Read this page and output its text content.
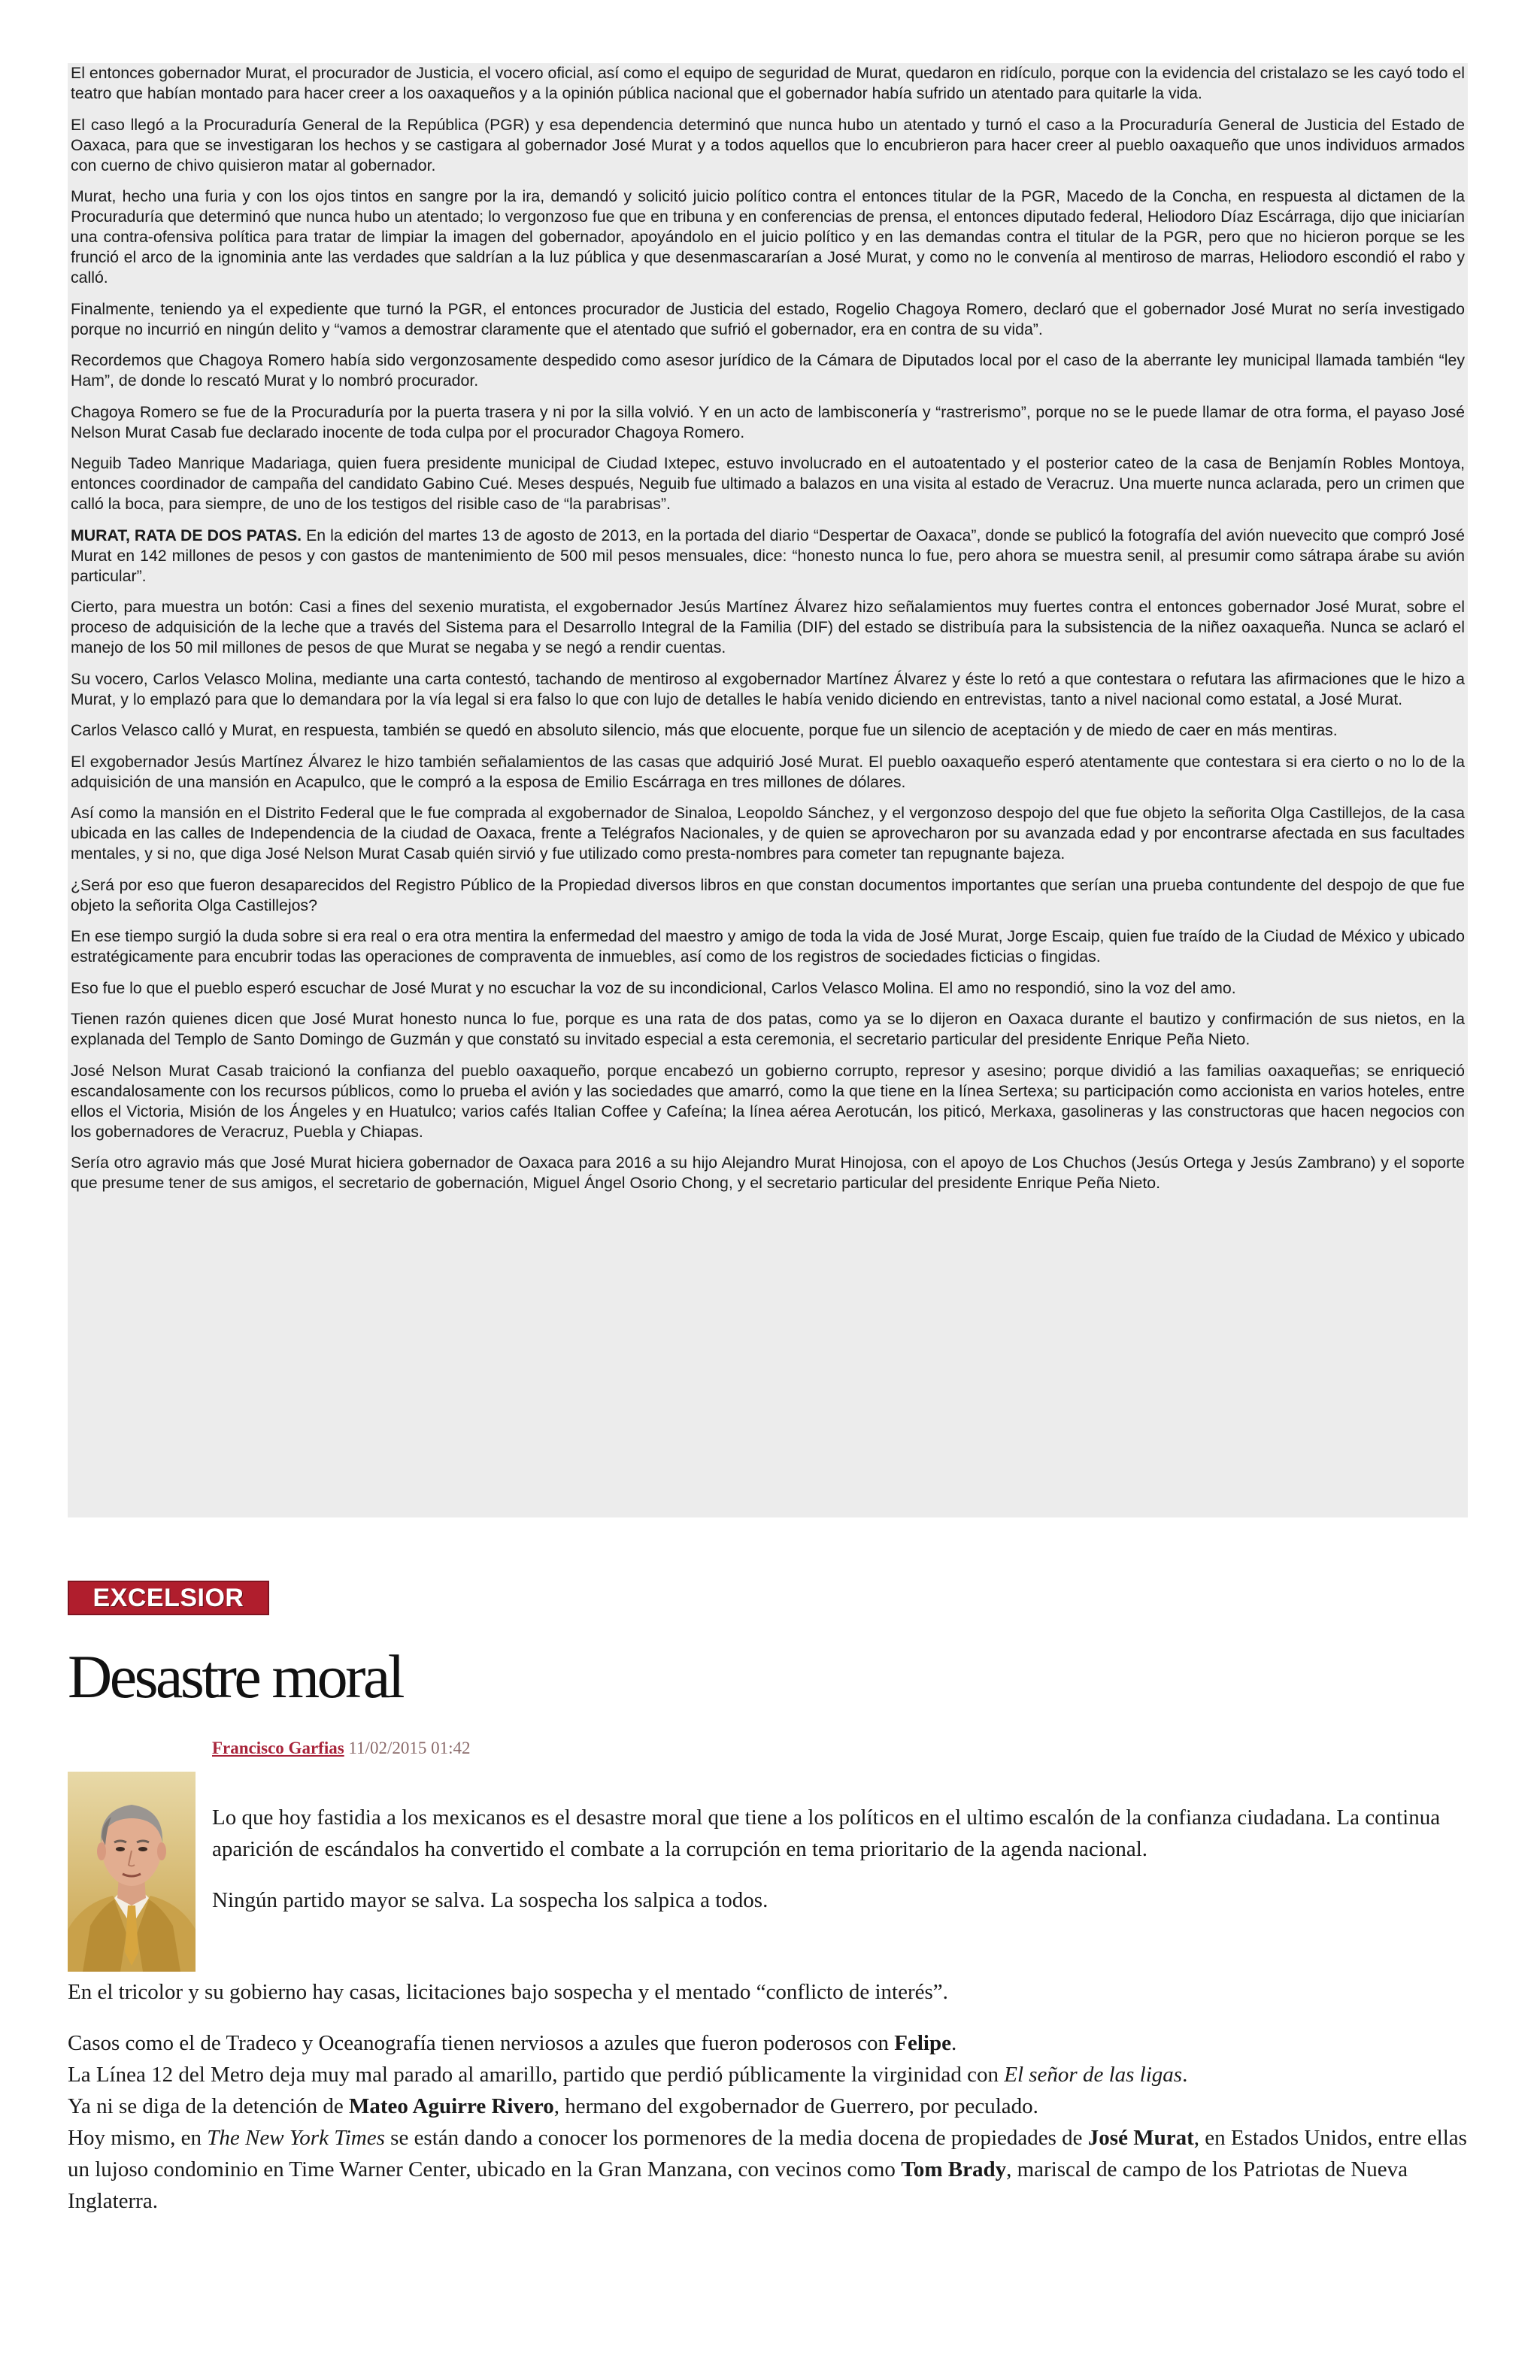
El entonces gobernador Murat, el procurador de Justicia, el vocero oficial, así como el equipo de seguridad de Murat, quedaron en ridículo, porque con la evidencia del cristalazo se les cayó todo el teatro que habían montado para hacer creer a los oaxaqueños y a la opinión pública nacional que el gobernador había sufrido un atentado para quitarle la vida.

El caso llegó a la Procuraduría General de la República (PGR) y esa dependencia determinó que nunca hubo un atentado y turnó el caso a la Procuraduría General de Justicia del Estado de Oaxaca, para que se investigaran los hechos y se castigara al gobernador José Murat y a todos aquellos que lo encubrieron para hacer creer al pueblo oaxaqueño que unos individuos armados con cuerno de chivo quisieron matar al gobernador.

Murat, hecho una furia y con los ojos tintos en sangre por la ira, demandó y solicitó juicio político contra el entonces titular de la PGR, Macedo de la Concha, en respuesta al dictamen de la Procuraduría que determinó que nunca hubo un atentado; lo vergonzoso fue que en tribuna y en conferencias de prensa, el entonces diputado federal, Heliodoro Díaz Escárraga, dijo que iniciarían una contra-ofensiva política para tratar de limpiar la imagen del gobernador, apoyándolo en el juicio político y en las demandas contra el titular de la PGR, pero que no hicieron porque se les frunció el arco de la ignominia ante las verdades que saldrían a la luz pública y que desenmascararían a José Murat, y como no le convenía al mentiroso de marras, Heliodoro escondió el rabo y calló.

Finalmente, teniendo ya el expediente que turnó la PGR, el entonces procurador de Justicia del estado, Rogelio Chagoya Romero, declaró que el gobernador José Murat no sería investigado porque no incurrió en ningún delito y “vamos a demostrar claramente que el atentado que sufrió el gobernador, era en contra de su vida”.

Recordemos que Chagoya Romero había sido vergonzosamente despedido como asesor jurídico de la Cámara de Diputados local por el caso de la aberrante ley municipal llamada también “ley Ham”, de donde lo rescató Murat y lo nombró procurador.

Chagoya Romero se fue de la Procuraduría por la puerta trasera y ni por la silla volvió. Y en un acto de lambisconería y “rastrerismo”, porque no se le puede llamar de otra forma, el payaso José Nelson Murat Casab fue declarado inocente de toda culpa por el procurador Chagoya Romero.

Neguib Tadeo Manrique Madariaga, quien fuera presidente municipal de Ciudad Ixtepec, estuvo involucrado en el autoatentado y el posterior cateo de la casa de Benjamín Robles Montoya, entonces coordinador de campaña del candidato Gabino Cué. Meses después, Neguib fue ultimado a balazos en una visita al estado de Veracruz. Una muerte nunca aclarada, pero un crimen que calló la boca, para siempre, de uno de los testigos del risible caso de “la parabrisas”.

MURAT, RATA DE DOS PATAS. En la edición del martes 13 de agosto de 2013, en la portada del diario “Despertar de Oaxaca”, donde se publicó la fotografía del avión nuevecito que compró José Murat en 142 millones de pesos y con gastos de mantenimiento de 500 mil pesos mensuales, dice: “honesto nunca lo fue, pero ahora se muestra senil, al presumir como sátrapa árabe su avión particular”.

Cierto, para muestra un botón: Casi a fines del sexenio muratista, el exgobernador Jesús Martínez Álvarez hizo señalamientos muy fuertes contra el entonces gobernador José Murat, sobre el proceso de adquisición de la leche que a través del Sistema para el Desarrollo Integral de la Familia (DIF) del estado se distribuía para la subsistencia de la niñez oaxaqueña. Nunca se aclaró el manejo de los 50 mil millones de pesos de que Murat se negaba y se negó a rendir cuentas.

Su vocero, Carlos Velasco Molina, mediante una carta contestó, tachando de mentiroso al exgobernador Martínez Álvarez y éste lo retó a que contestara o refutara las afirmaciones que le hizo a Murat, y lo emplazó para que lo demandara por la vía legal si era falso lo que con lujo de detalles le había venido diciendo en entrevistas, tanto a nivel nacional como estatal, a José Murat.

Carlos Velasco calló y Murat, en respuesta, también se quedó en absoluto silencio, más que elocuente, porque fue un silencio de aceptación y de miedo de caer en más mentiras.

El exgobernador Jesús Martínez Álvarez le hizo también señalamientos de las casas que adquirió José Murat. El pueblo oaxaqueño esperó atentamente que contestara si era cierto o no lo de la adquisición de una mansión en Acapulco, que le compró a la esposa de Emilio Escárraga en tres millones de dólares.

Así como la mansión en el Distrito Federal que le fue comprada al exgobernador de Sinaloa, Leopoldo Sánchez, y el vergonzoso despojo del que fue objeto la señorita Olga Castillejos, de la casa ubicada en las calles de Independencia de la ciudad de Oaxaca, frente a Telégrafos Nacionales, y de quien se aprovecharon por su avanzada edad y por encontrarse afectada en sus facultades mentales, y si no, que diga José Nelson Murat Casab quién sirvió y fue utilizado como presta-nombres para cometer tan repugnante bajeza.

¿Será por eso que fueron desaparecidos del Registro Público de la Propiedad diversos libros en que constan documentos importantes que serían una prueba contundente del despojo de que fue objeto la señorita Olga Castillejos?

En ese tiempo surgió la duda sobre si era real o era otra mentira la enfermedad del maestro y amigo de toda la vida de José Murat, Jorge Escaip, quien fue traído de la Ciudad de México y ubicado estratégicamente para encubrir todas las operaciones de compraventa de inmuebles, así como de los registros de sociedades ficticias o fingidas.

Eso fue lo que el pueblo esperó escuchar de José Murat y no escuchar la voz de su incondicional, Carlos Velasco Molina. El amo no respondió, sino la voz del amo.

Tienen razón quienes dicen que José Murat honesto nunca lo fue, porque es una rata de dos patas, como ya se lo dijeron en Oaxaca durante el bautizo y confirmación de sus nietos, en la explanada del Templo de Santo Domingo de Guzmán y que constató su invitado especial a esta ceremonia, el secretario particular del presidente Enrique Peña Nieto.

José Nelson Murat Casab traicionó la confianza del pueblo oaxaqueño, porque encabezó un gobierno corrupto, represor y asesino; porque dividió a las familias oaxaqueñas; se enriqueció escandalosamente con los recursos públicos, como lo prueba el avión y las sociedades que amarró, como la que tiene en la línea Sertexa; su participación como accionista en varios hoteles, entre ellos el Victoria, Misión de los Ángeles y en Huatulco; varios cafés Italian Coffee y Cafeína; la línea aérea Aerotucán, los piticó, Merkaxa, gasolineras y las constructoras que hacen negocios con los gobernadores de Veracruz, Puebla y Chiapas.

Sería otro agravio más que José Murat hiciera gobernador de Oaxaca para 2016 a su hijo Alejandro Murat Hinojosa, con el apoyo de Los Chuchos (Jesús Ortega y Jesús Zambrano) y el soporte que presume tener de sus amigos, el secretario de gobernación, Miguel Ángel Osorio Chong, y el secretario particular del presidente Enrique Peña Nieto.

EXCELSIOR
Desastre moral
Francisco Garfias 11/02/2015 01:42

Lo que hoy fastidia a los mexicanos es el desastre moral que tiene a los políticos en el ultimo escalón de la confianza ciudadana. La continua aparición de escándalos ha convertido el combate a la corrupción en tema prioritario de la agenda nacional.

Ningún partido mayor se salva. La sospecha los salpica a todos.

En el tricolor y su gobierno hay casas, licitaciones bajo sospecha y el mentado “conflicto de interés”.

Casos como el de Tradeco y Oceanografía tienen nerviosos a azules que fueron poderosos con Felipe.
La Línea 12 del Metro deja muy mal parado al amarillo, partido que perdió públicamente la virginidad con El señor de las ligas.
Ya ni se diga de la detención de Mateo Aguirre Rivero, hermano del exgobernador de Guerrero, por peculado.
Hoy mismo, en The New York Times se están dando a conocer los pormenores de la media docena de propiedades de José Murat, en Estados Unidos, entre ellas un lujoso condominio en Time Warner Center, ubicado en la Gran Manzana, con vecinos como Tom Brady, mariscal de campo de los Patriotas de Nueva Inglaterra.
